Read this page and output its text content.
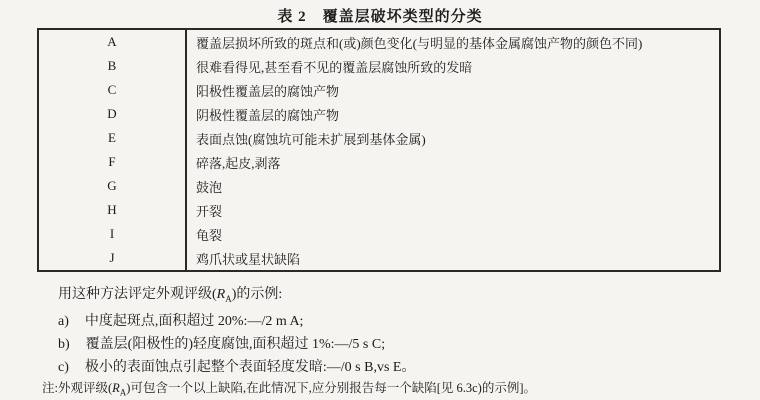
表 2　覆盖层破坏类型的分类
A	覆盖层损坏所致的斑点和(或)颜色变化(与明显的基体金属腐蚀产物的颜色不同)
B	很难看得见,甚至看不见的覆盖层腐蚀所致的发暗
C	阳极性覆盖层的腐蚀产物
D	阴极性覆盖层的腐蚀产物
E	表面点蚀(腐蚀坑可能未扩展到基体金属)
F	碎落,起皮,剥落
G	鼓泡
H	开裂
I	龟裂
J	鸡爪状或星状缺陷
用这种方法评定外观评级$(R_A)$的示例:
a) 中度起斑点,面积超过 20%:—/2 m A;
b) 覆盖层(阳极性的)轻度腐蚀,面积超过 1%:—/5 s C;
c) 极小的表面蚀点引起整个表面轻度发暗:—/0 s B,vs E。
注:外观评级$(R_A)$可包含一个以上缺陷,在此情况下,应分别报告每一个缺陷[见 6.3c)的示例]。
